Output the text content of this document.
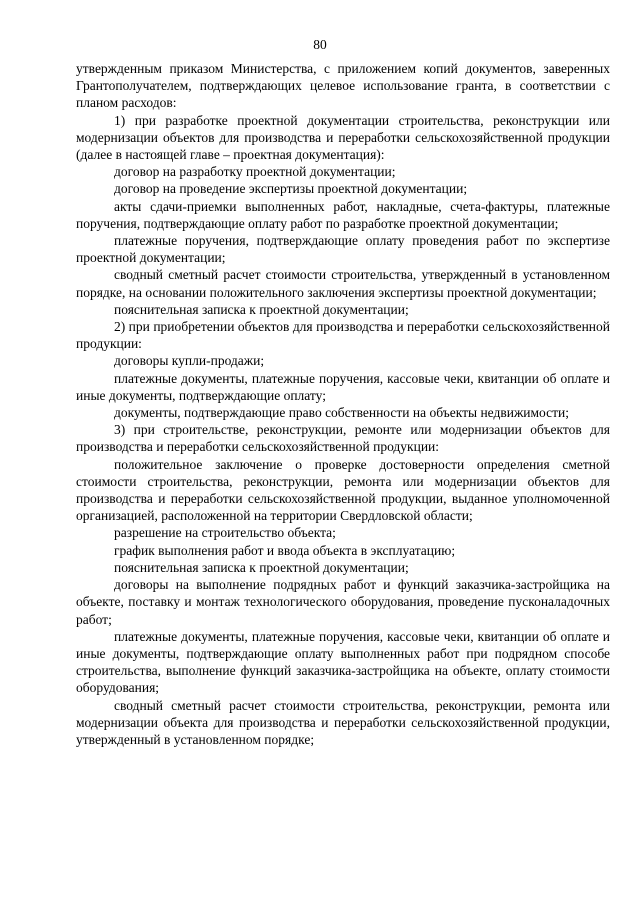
80

утвержденным приказом Министерства, с приложением копий документов, заверенных Грантополучателем, подтверждающих целевое использование гранта, в соответствии с планом расходов:

1) при разработке проектной документации строительства, реконструкции или модернизации объектов для производства и переработки сельскохозяйственной продукции (далее в настоящей главе – проектная документация):

договор на разработку проектной документации;

договор на проведение экспертизы проектной документации;

акты сдачи-приемки выполненных работ, накладные, счета-фактуры, платежные поручения, подтверждающие оплату работ по разработке проектной документации;

платежные поручения, подтверждающие оплату проведения работ по экспертизе проектной документации;

сводный сметный расчет стоимости строительства, утвержденный в установленном порядке, на основании положительного заключения экспертизы проектной документации;

пояснительная записка к проектной документации;

2) при приобретении объектов для производства и переработки сельскохозяйственной продукции:

договоры купли-продажи;

платежные документы, платежные поручения, кассовые чеки, квитанции об оплате и иные документы, подтверждающие оплату;

документы, подтверждающие право собственности на объекты недвижимости;

3) при строительстве, реконструкции, ремонте или модернизации объектов для производства и переработки сельскохозяйственной продукции:

положительное заключение о проверке достоверности определения сметной стоимости строительства, реконструкции, ремонта или модернизации объектов для производства и переработки сельскохозяйственной продукции, выданное уполномоченной организацией, расположенной на территории Свердловской области;

разрешение на строительство объекта;

график выполнения работ и ввода объекта в эксплуатацию;

пояснительная записка к проектной документации;

договоры на выполнение подрядных работ и функций заказчика-застройщика на объекте, поставку и монтаж технологического оборудования, проведение пусконаладочных работ;

платежные документы, платежные поручения, кассовые чеки, квитанции об оплате и иные документы, подтверждающие оплату выполненных работ при подрядном способе строительства, выполнение функций заказчика-застройщика на объекте, оплату стоимости оборудования;

сводный сметный расчет стоимости строительства, реконструкции, ремонта или модернизации объекта для производства и переработки сельскохозяйственной продукции, утвержденный в установленном порядке;
